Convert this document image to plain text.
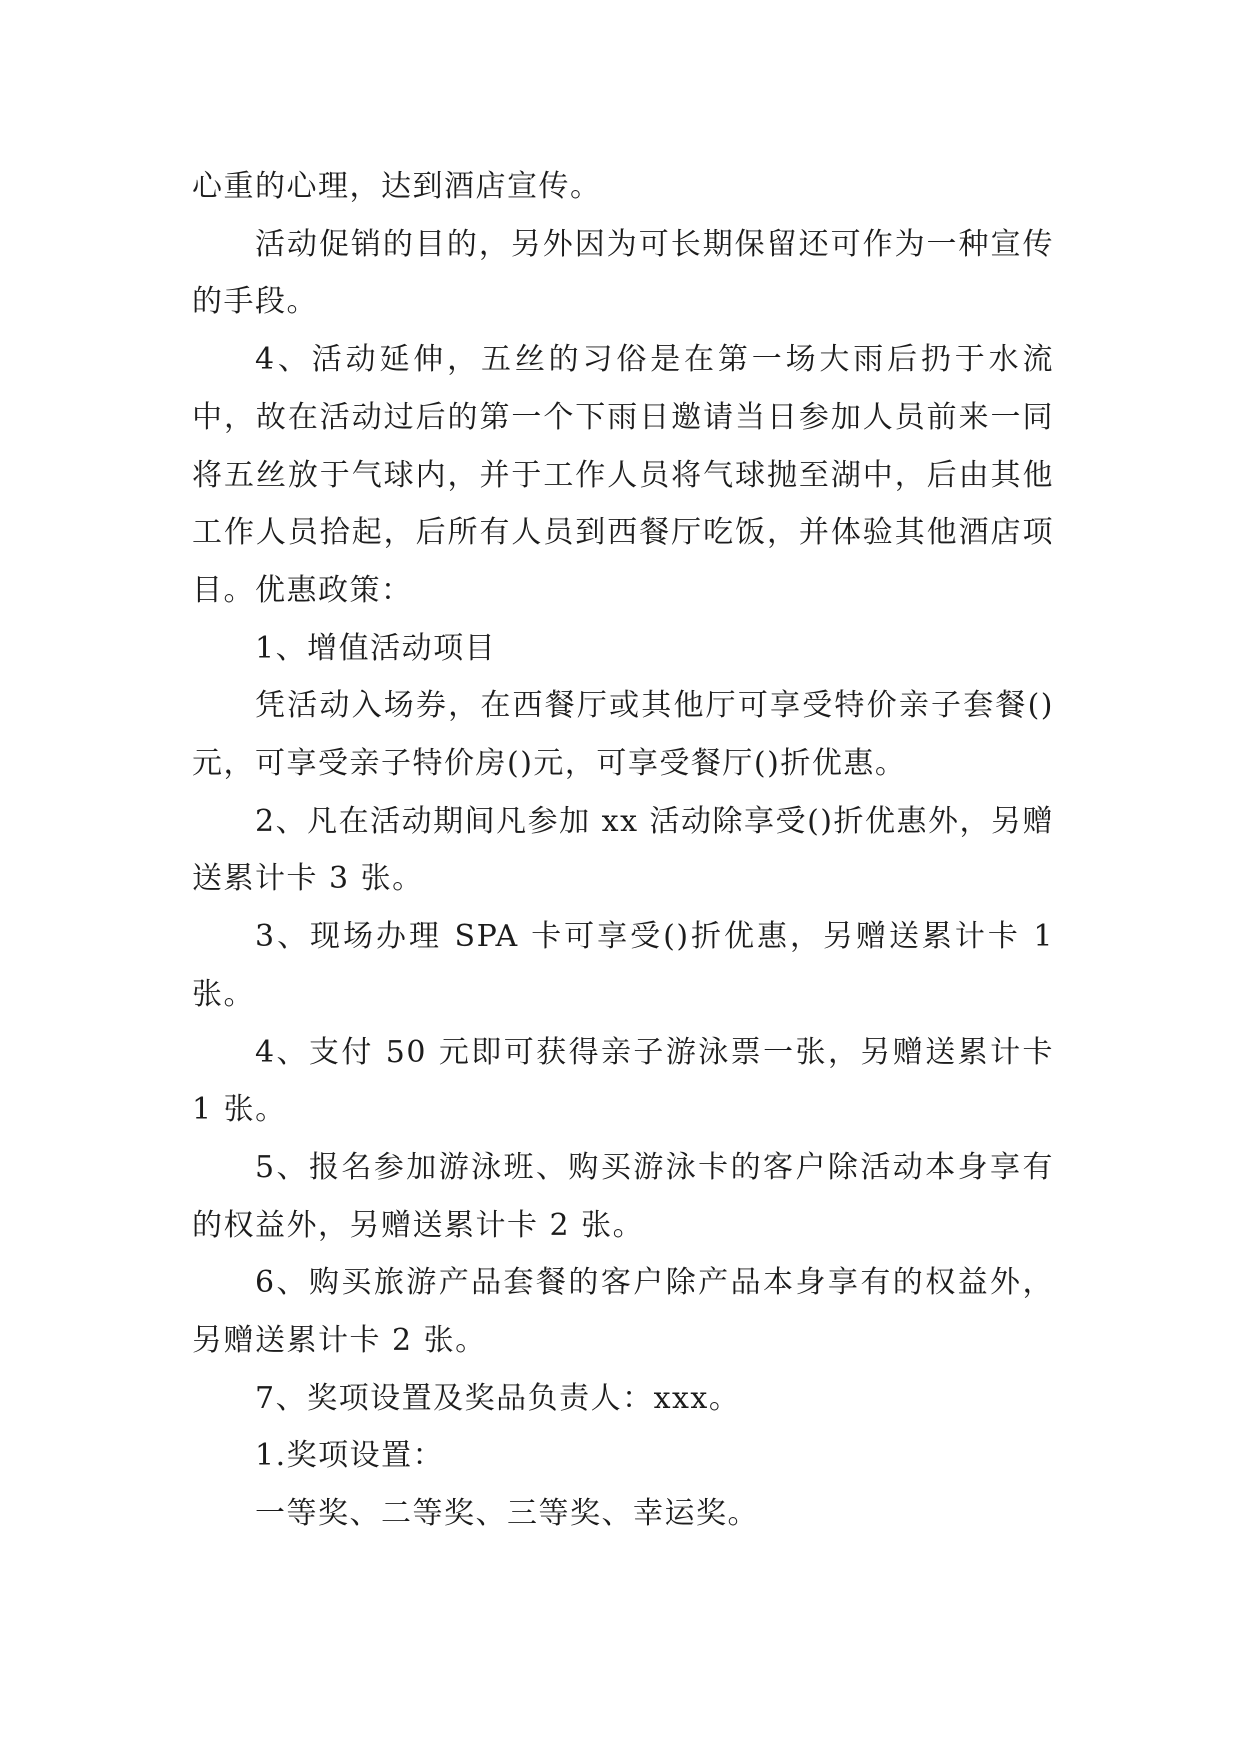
心重的心理，达到酒店宣传。

活动促销的目的，另外因为可长期保留还可作为一种宣传的手段。

4、活动延伸，五丝的习俗是在第一场大雨后扔于水流中，故在活动过后的第一个下雨日邀请当日参加人员前来一同将五丝放于气球内，并于工作人员将气球抛至湖中，后由其他工作人员拾起，后所有人员到西餐厅吃饭，并体验其他酒店项目。优惠政策：

1、增值活动项目

凭活动入场券，在西餐厅或其他厅可享受特价亲子套餐()元，可享受亲子特价房()元，可享受餐厅()折优惠。

2、凡在活动期间凡参加 xx 活动除享受()折优惠外，另赠送累计卡 3 张。

3、现场办理 SPA 卡可享受()折优惠，另赠送累计卡 1 张。

4、支付 50 元即可获得亲子游泳票一张，另赠送累计卡 1 张。

5、报名参加游泳班、购买游泳卡的客户除活动本身享有的权益外，另赠送累计卡 2 张。

6、购买旅游产品套餐的客户除产品本身享有的权益外，另赠送累计卡 2 张。

7、奖项设置及奖品负责人：xxx。

1.奖项设置：

一等奖、二等奖、三等奖、幸运奖。
